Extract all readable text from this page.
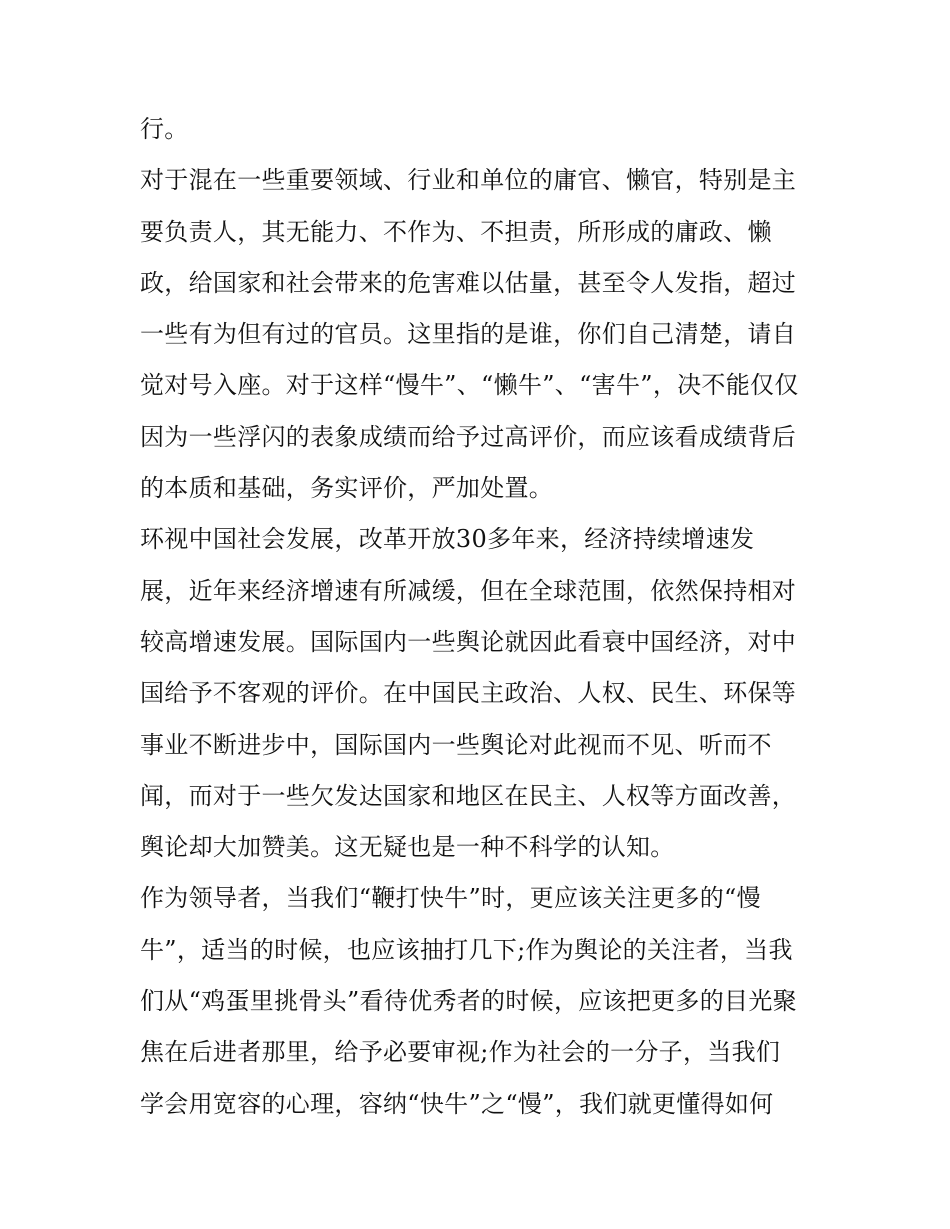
行。
对于混在一些重要领域、行业和单位的庸官、懒官，特别是主
要负责人，其无能力、不作为、不担责，所形成的庸政、懒
政，给国家和社会带来的危害难以估量，甚至令人发指，超过
一些有为但有过的官员。这里指的是谁，你们自己清楚，请自
觉对号入座。对于这样“慢牛”、“懒牛”、“害牛”，决不能仅仅
因为一些浮闪的表象成绩而给予过高评价，而应该看成绩背后
的本质和基础，务实评价，严加处置。
环视中国社会发展，改革开放30多年来，经济持续增速发
展，近年来经济增速有所减缓，但在全球范围，依然保持相对
较高增速发展。国际国内一些舆论就因此看衰中国经济，对中
国给予不客观的评价。在中国民主政治、人权、民生、环保等
事业不断进步中，国际国内一些舆论对此视而不见、听而不
闻，而对于一些欠发达国家和地区在民主、人权等方面改善，
舆论却大加赞美。这无疑也是一种不科学的认知。
作为领导者，当我们“鞭打快牛”时，更应该关注更多的“慢
牛”，适当的时候，也应该抽打几下;作为舆论的关注者，当我
们从“鸡蛋里挑骨头”看待优秀者的时候，应该把更多的目光聚
焦在后进者那里，给予必要审视;作为社会的一分子，当我们
学会用宽容的心理，容纳“快牛”之“慢”，我们就更懂得如何
